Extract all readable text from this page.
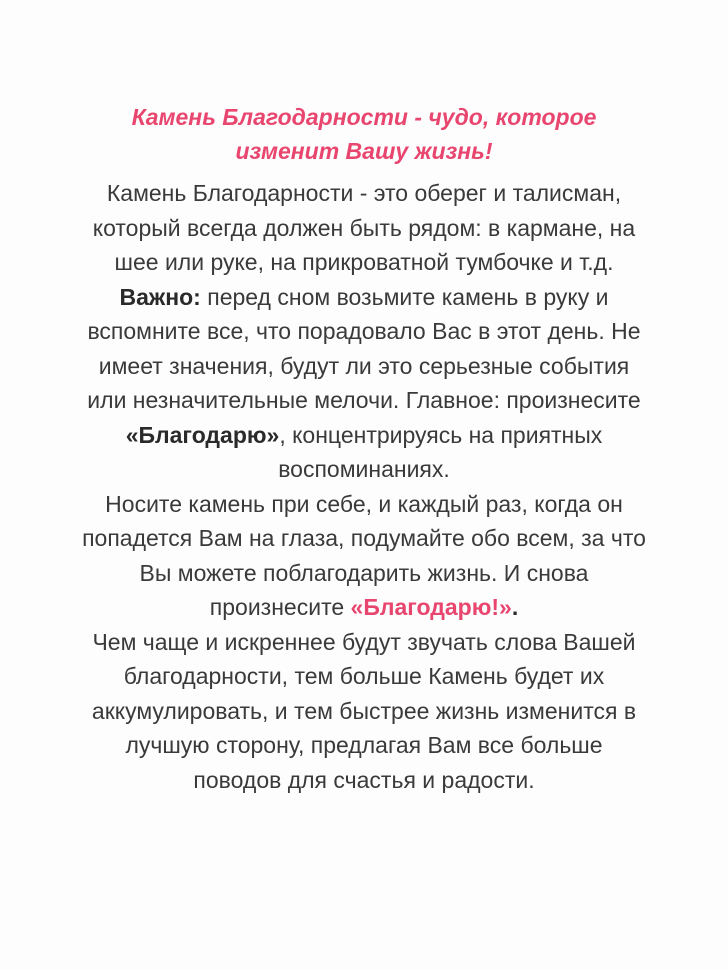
Камень Благодарности - чудо, которое
изменит Вашу жизнь!

Камень Благодарности - это оберег и талисман,
который всегда должен быть рядом: в кармане, на
шее или руке, на прикроватной тумбочке и т.д.

Важно: перед сном возьмите камень в руку и
вспомните все, что порадовало Вас в этот день. Не
имеет значения, будут ли это серьезные события
или незначительные мелочи. Главное: произнесите
«Благодарю», концентрируясь на приятных
воспоминаниях.

Носите камень при себе, и каждый раз, когда он
попадется Вам на глаза, подумайте обо всем, за что
Вы можете поблагодарить жизнь. И снова
произнесите «Благодарю!».

Чем чаще и искреннее будут звучать слова Вашей
благодарности, тем больше Камень будет их
аккумулировать, и тем быстрее жизнь изменится в
лучшую сторону, предлагая Вам все больше
поводов для счастья и радости.
